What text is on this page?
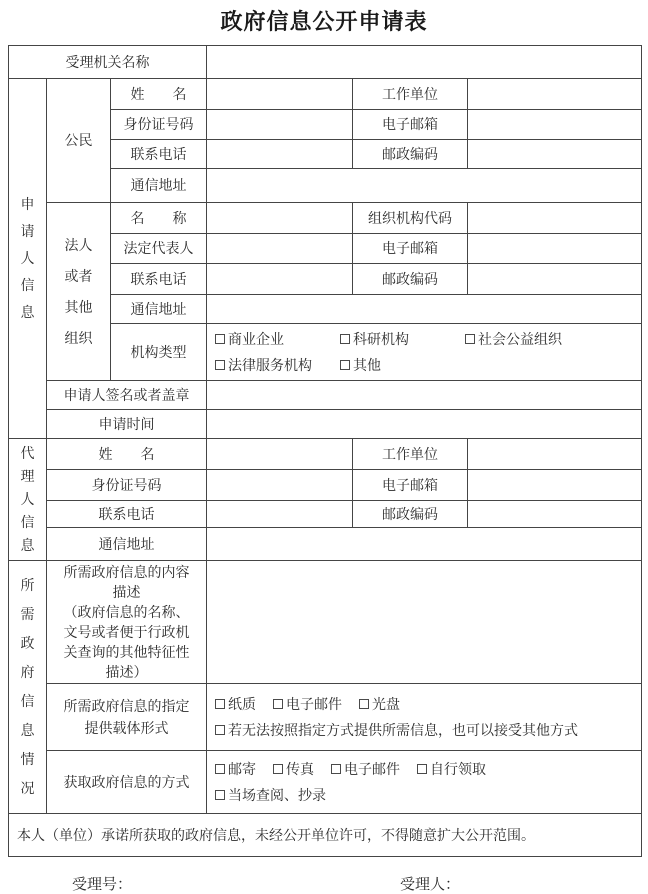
政府信息公开申请表
受理机关名称					
申请人信息	公民	姓　　名		工作单位	
		身份证号码		电子邮箱	
		联系电话		邮政编码	
		通信地址			
	法人或者其他组织	名　　称		组织机构代码	
		法定代表人		电子邮箱	
		联系电话		邮政编码	
		通信地址			
		机构类型	商业企业 科研机构 社会公益组织
法律服务机构 其他		

	申请人签名或者盖章				
	申请时间				
代理人信息	姓　　名			工作单位	
	身份证号码			电子邮箱	
	联系电话			邮政编码	
	通信地址				
所需政府信息情况	所需政府信息的内容描述
（政府信息的名称、文号或者便于行政机关查询的其他特征性描述）				

	所需政府信息的指定提供载体形式		纸质 电子邮件 光盘
若无法按照指定方式提供所需信息，也可以接受其他方式		

	获取政府信息的方式		邮寄 传真 电子邮件 自行领取
当场查阅、抄录		

本人（单位）承诺所获取的政府信息，未经公开单位许可，不得随意扩大公开范围。					
受理号：	受理人：
